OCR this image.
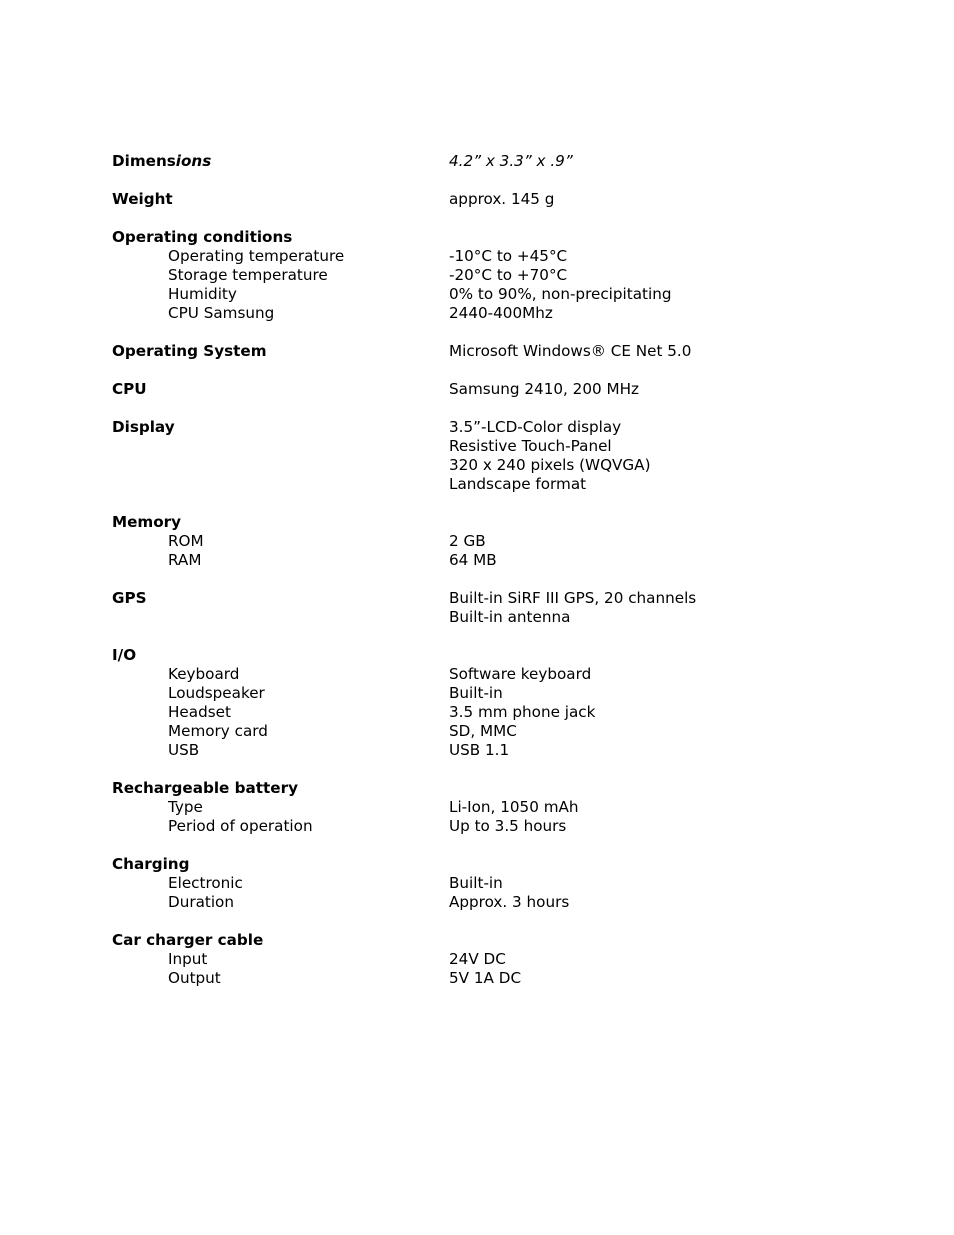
Dimensions	4.2” x 3.3” x .9”
Weight	approx. 145 g
Operating conditions
Operating temperature	-10°C to +45°C
Storage temperature	-20°C to +70°C
Humidity	0% to 90%, non-precipitating
CPU Samsung	2440-400Mhz
Operating System	Microsoft Windows® CE Net 5.0
CPU	Samsung 2410, 200 MHz
Display	3.5”-LCD-Color display
Resistive Touch-Panel
320 x 240 pixels (WQVGA)
Landscape format
Memory
ROM	2 GB
RAM	64 MB
GPS	Built-in SiRF III GPS, 20 channels
Built-in antenna
I/O
Keyboard	Software keyboard
Loudspeaker	Built-in
Headset	3.5 mm phone jack
Memory card	SD, MMC
USB	USB 1.1
Rechargeable battery
Type	Li-Ion, 1050 mAh
Period of operation	Up to 3.5 hours
Charging
Electronic	Built-in
Duration	Approx. 3 hours
Car charger cable
Input	24V DC
Output	5V 1A DC
